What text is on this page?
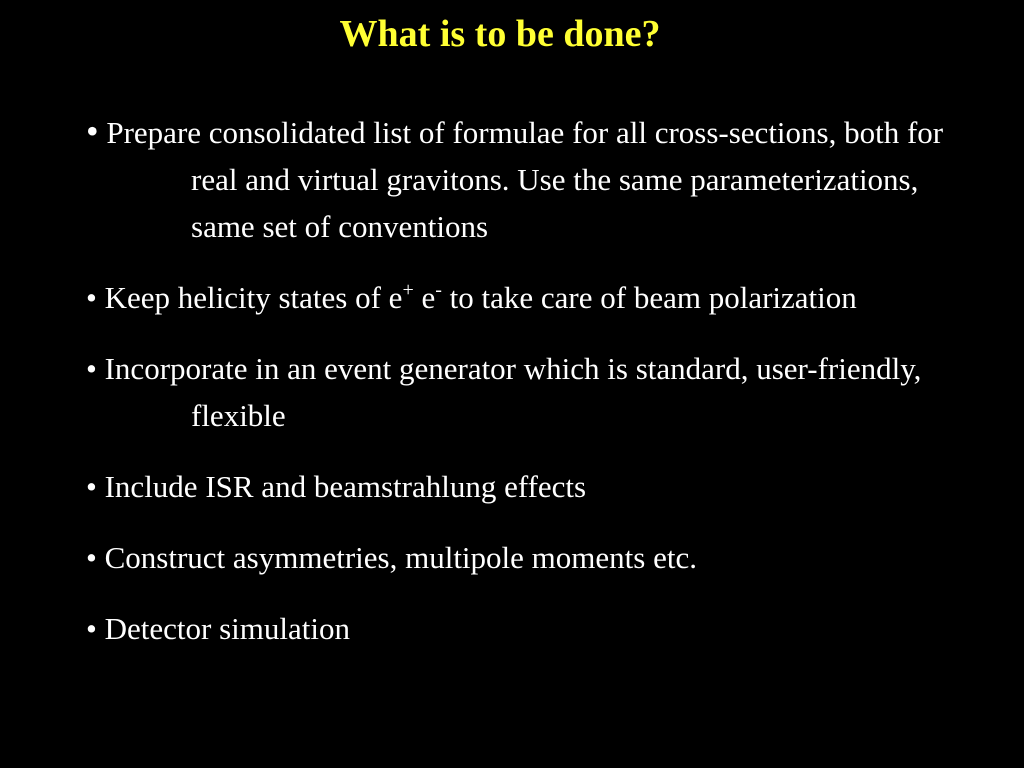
What is to be done?
• Prepare consolidated list of formulae for all cross-sections, both for real and virtual gravitons. Use the same parameterizations, same set of conventions
• Keep helicity states of e+ e- to take care of beam polarization
• Incorporate in an event generator which is standard, user-friendly, flexible
• Include ISR and beamstrahlung effects
• Construct asymmetries, multipole moments etc.
• Detector simulation
